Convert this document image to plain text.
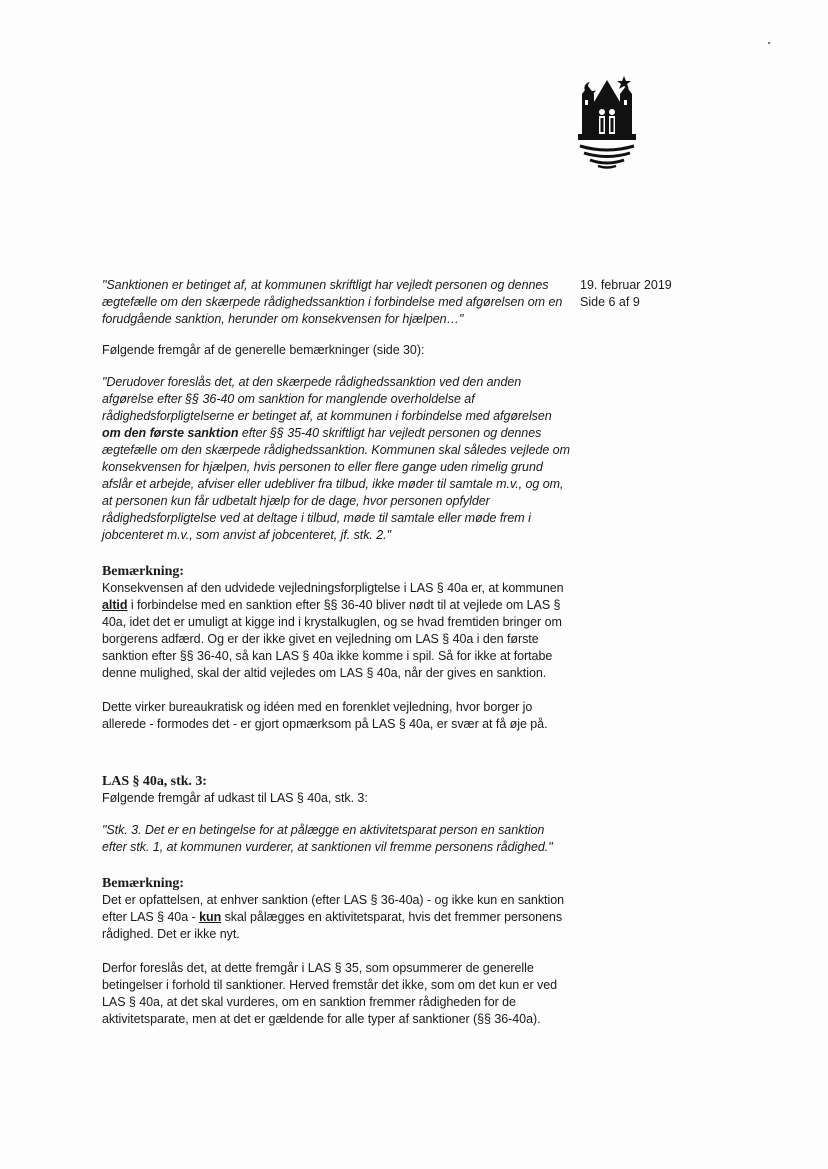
19. februar 2019
Side 6 af 9

"Sanktionen er betinget af, at kommunen skriftligt har vejledt personen og dennes ægtefælle om den skærpede rådighedssanktion i forbindelse med afgørelsen om en forudgående sanktion, herunder om konsekvensen for hjælpen…"

Følgende fremgår af de generelle bemærkninger (side 30):

"Derudover foreslås det, at den skærpede rådighedssanktion ved den anden afgørelse efter §§ 36-40 om sanktion for manglende overholdelse af rådighedsforpligtelserne er betinget af, at kommunen i forbindelse med afgørelsen om den første sanktion efter §§ 35-40 skriftligt har vejledt personen og dennes ægtefælle om den skærpede rådighedssanktion. Kommunen skal således vejlede om konsekvensen for hjælpen, hvis personen to eller flere gange uden rimelig grund afslår et arbejde, afviser eller udebliver fra tilbud, ikke møder til samtale m.v., og om, at personen kun får udbetalt hjælp for de dage, hvor personen opfylder rådighedsforpligtelse ved at deltage i tilbud, møde til samtale eller møde frem i jobcenteret m.v., som anvist af jobcenteret, jf. stk. 2."

Bemærkning:

Konsekvensen af den udvidede vejledningsforpligtelse i LAS § 40a er, at kommunen altid i forbindelse med en sanktion efter §§ 36-40 bliver nødt til at vejlede om LAS § 40a, idet det er umuligt at kigge ind i krystalkuglen, og se hvad fremtiden bringer om borgerens adfærd. Og er der ikke givet en vejledning om LAS § 40a i den første sanktion efter §§ 36-40, så kan LAS § 40a ikke komme i spil. Så for ikke at fortabe denne mulighed, skal der altid vejledes om LAS § 40a, når der gives en sanktion.

Dette virker bureaukratisk og idéen med en forenklet vejledning, hvor borger jo allerede - formodes det - er gjort opmærksom på LAS § 40a, er svær at få øje på.

LAS § 40a, stk. 3:

Følgende fremgår af udkast til LAS § 40a, stk. 3:

"Stk. 3. Det er en betingelse for at pålægge en aktivitetsparat person en sanktion efter stk. 1, at kommunen vurderer, at sanktionen vil fremme personens rådighed."

Bemærkning:

Det er opfattelsen, at enhver sanktion (efter LAS § 36-40a) - og ikke kun en sanktion efter LAS § 40a - kun skal pålægges en aktivitetsparat, hvis det fremmer personens rådighed. Det er ikke nyt.

Derfor foreslås det, at dette fremgår i LAS § 35, som opsummerer de generelle betingelser i forhold til sanktioner. Herved fremstår det ikke, som om det kun er ved LAS § 40a, at det skal vurderes, om en sanktion fremmer rådigheden for de aktivitetsparate, men at det er gældende for alle typer af sanktioner (§§ 36-40a).
